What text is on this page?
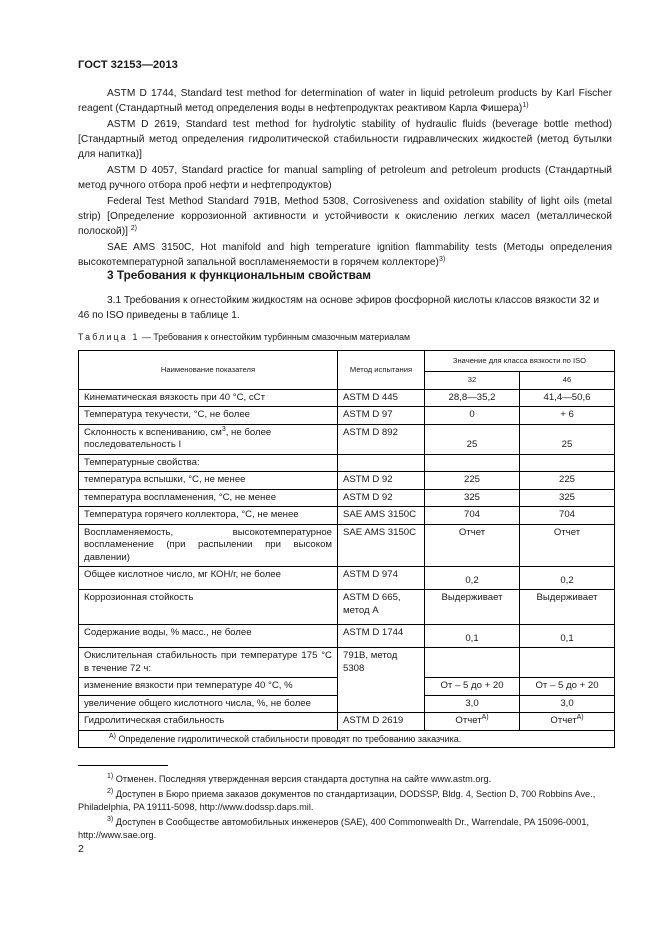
ГОСТ 32153—2013

ASTM D 1744, Standard test method for determination of water in liquid petroleum products by Karl Fischer reagent (Стандартный метод определения воды в нефтепродуктах реактивом Карла Фишера)$^{1)}$

ASTM D 2619, Standard test method for hydrolytic stability of hydraulic fluids (beverage bottle method) [Стандартный метод определения гидролитической стабильности гидравлических жидкостей (метод бутылки для напитка)]

ASTM D 4057, Standard practice for manual sampling of petroleum and petroleum products (Стандартный метод ручного отбора проб нефти и нефтепродуктов)

Federal Test Method Standard 791B, Method 5308, Corrosiveness and oxidation stability of light oils (metal strip) [Определение коррозионной активности и устойчивости к окислению легких масел (металлической полоской)] $^{2)}$

SAE AMS 3150C, Hot manifold and high temperature ignition flammability tests (Методы определения высокотемпературной запальной воспламеняемости в горячем коллекторе)$^{3)}$

3 Требования к функциональным свойствам

3.1 Требования к огнестойким жидкостям на основе эфиров фосфорной кислоты классов вязкости 32 и 46 по ISO приведены в таблице 1.

Таблица 1 — Требования к огнестойким турбинным смазочным материалам
Наименование показателя	Метод испытания	Значение для класса вязкости по ISO	
		32	46
Кинематическая вязкость при 40 °С, сСт	ASTM D 445	28,8—35,2	41,4—50,6
Температура текучести, °С, не более	ASTM D 97	0	+ 6
Склонность к вспениванию, $см^3$, не более последовательность I	ASTM D 892	25	25
Температурные свойства:			
температура вспышки, °С, не менее	ASTM D 92	225	225
температура воспламенения, °С, не менее	ASTM D 92	325	325
Температура горячего коллектора, °С, не менее	SAE AMS 3150С	704	704
Воспламеняемость, высокотемпературное воспламенение (при распылении при высоком давлении)	SAE AMS 3150С	Отчет	Отчет
Общее кислотное число, мг КОН/г, не более	ASTM D 974	0,2	0,2
Коррозионная стойкость	ASTM D 665, метод А	Выдерживает	Выдерживает
Содержание воды, % масс., не более	ASTM D 1744	0,1	0,1
Окислительная стабильность при температуре 175 °С в течение 72 ч:	791В, метод 5308		
изменение вязкости при температуре 40 °С, %		От – 5 до + 20	От – 5 до + 20
увеличение общего кислотного числа, %, не более		3,0	3,0
Гидролитическая стабильность	ASTM D 2619	Отчет$^{А)}$	Отчет$^{А)}$
$^{А)}$ Определение гидролитической стабильности проводят по требованию заказчика.			

$^{1)}$ Отменен. Последняя утвержденная версия стандарта доступна на сайте www.astm.org.

$^{2)}$ Доступен в Бюро приема заказов документов по стандартизации, DODSSP, Bldg. 4, Section D, 700 Robbins Ave., Philadelphia, PA 19111-5098, http://www.dodssp.daps.mil.

$^{3)}$ Доступен в Сообществе автомобильных инженеров (SAE), 400 Commonwealth Dr., Warrendale, PA 15096-0001, http://www.sae.org.

2
